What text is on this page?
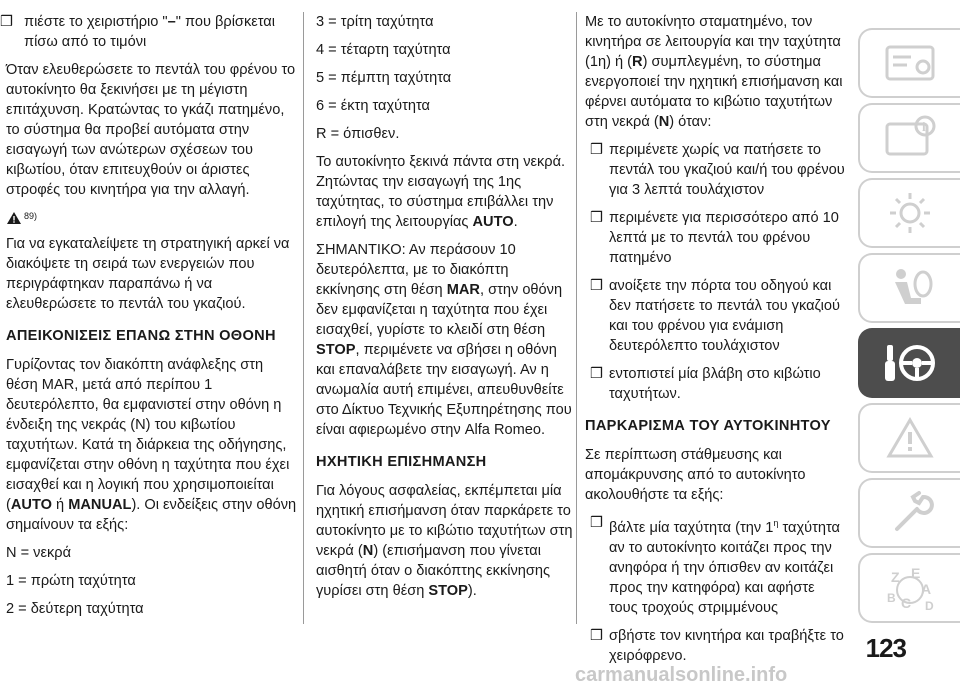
❒ πιέστε το χειριστήριο "–" που βρίσκεται πίσω από το τιμόνι

Όταν ελευθερώσετε το πεντάλ του φρένου το αυτοκίνητο θα ξεκινήσει με τη μέγιστη επιτάχυνση. Κρατώντας το γκάζι πατημένο, το σύστημα θα προβεί αυτόματα στην εισαγωγή των ανώτερων σχέσεων του κιβωτίου, όταν επιτευχθούν οι άριστες στροφές του κινητήρα για την αλλαγή.

89)

Για να εγκαταλείψετε τη στρατηγική αρκεί να διακόψετε τη σειρά των ενεργειών που περιγράφτηκαν παραπάνω ή να ελευθερώσετε το πεντάλ του γκαζιού.

ΑΠΕΙΚΟΝΙΣΕΙΣ ΕΠΑΝΩ ΣΤΗΝ ΟΘΟΝΗ

Γυρίζοντας τον διακόπτη ανάφλεξης στη θέση MAR, μετά από περίπου 1 δευτερόλεπτο, θα εμφανιστεί στην οθόνη η ένδειξη της νεκράς (N) του κιβωτίου ταχυτήτων. Κατά τη διάρκεια της οδήγησης, εμφανίζεται στην οθόνη η ταχύτητα που έχει εισαχθεί και η λογική που χρησιμοποιείται (AUTO ή MANUAL). Οι ενδείξεις στην οθόνη σημαίνουν τα εξής:

N = νεκρά

1 = πρώτη ταχύτητα

2 = δεύτερη ταχύτητα

3 = τρίτη ταχύτητα

4 = τέταρτη ταχύτητα

5 = πέμπτη ταχύτητα

6 = έκτη ταχύτητα

R = όπισθεν.

Το αυτοκίνητο ξεκινά πάντα στη νεκρά. Ζητώντας την εισαγωγή της 1ης ταχύτητας, το σύστημα επιβάλλει την επιλογή της λειτουργίας AUTO.

ΣΗΜΑΝΤΙΚΟ: Αν περάσουν 10 δευτερόλεπτα, με το διακόπτη εκκίνησης στη θέση MAR, στην οθόνη δεν εμφανίζεται η ταχύτητα που έχει εισαχθεί, γυρίστε το κλειδί στη θέση STOP, περιμένετε να σβήσει η οθόνη και επαναλάβετε την εισαγωγή. Αν η ανωμαλία αυτή επιμένει, απευθυνθείτε στο Δίκτυο Τεχνικής Εξυπηρέτησης που είναι αφιερωμένο στην Alfa Romeo.

ΗΧΗΤΙΚΗ ΕΠΙΣΗΜΑΝΣΗ

Για λόγους ασφαλείας, εκπέμπεται μία ηχητική επισήμανση όταν παρκάρετε το αυτοκίνητο με το κιβώτιο ταχυτήτων στη νεκρά (N) (επισήμανση που γίνεται αισθητή όταν ο διακόπτης εκκίνησης γυρίσει στη θέση STOP).

Με το αυτοκίνητο σταματημένο, τον κινητήρα σε λειτουργία και την ταχύτητα (1η) ή (R) συμπλεγμένη, το σύστημα ενεργοποιεί την ηχητική επισήμανση και φέρνει αυτόματα το κιβώτιο ταχυτήτων στη νεκρά (N) όταν:

❒ περιμένετε χωρίς να πατήσετε το πεντάλ του γκαζιού και/ή του φρένου για 3 λεπτά τουλάχιστον
❒ περιμένετε για περισσότερο από 10 λεπτά με το πεντάλ του φρένου πατημένο
❒ ανοίξετε την πόρτα του οδηγού και δεν πατήσετε το πεντάλ του γκαζιού και του φρένου για ενάμιση δευτερόλεπτο τουλάχιστον
❒ εντοπιστεί μία βλάβη στο κιβώτιο ταχυτήτων.
ΠΑΡΚΑΡΙΣΜΑ ΤΟΥ ΑΥΤΟΚΙΝΗΤΟΥ

Σε περίπτωση στάθμευσης και απομάκρυνσης από το αυτοκίνητο ακολουθήστε τα εξής:

❒ βάλτε μία ταχύτητα (την $1^\eta$ ταχύτητα αν το αυτοκίνητο κοιτάζει προς την ανηφόρα ή την όπισθεν αν κοιτάζει προς την κατηφόρα) και αφήστε τους τροχούς στριμμένους
❒ σβήστε τον κινητήρα και τραβήξτε το χειρόφρενο.
i
Z E
A
B C D
123
carmanualsonline.info
